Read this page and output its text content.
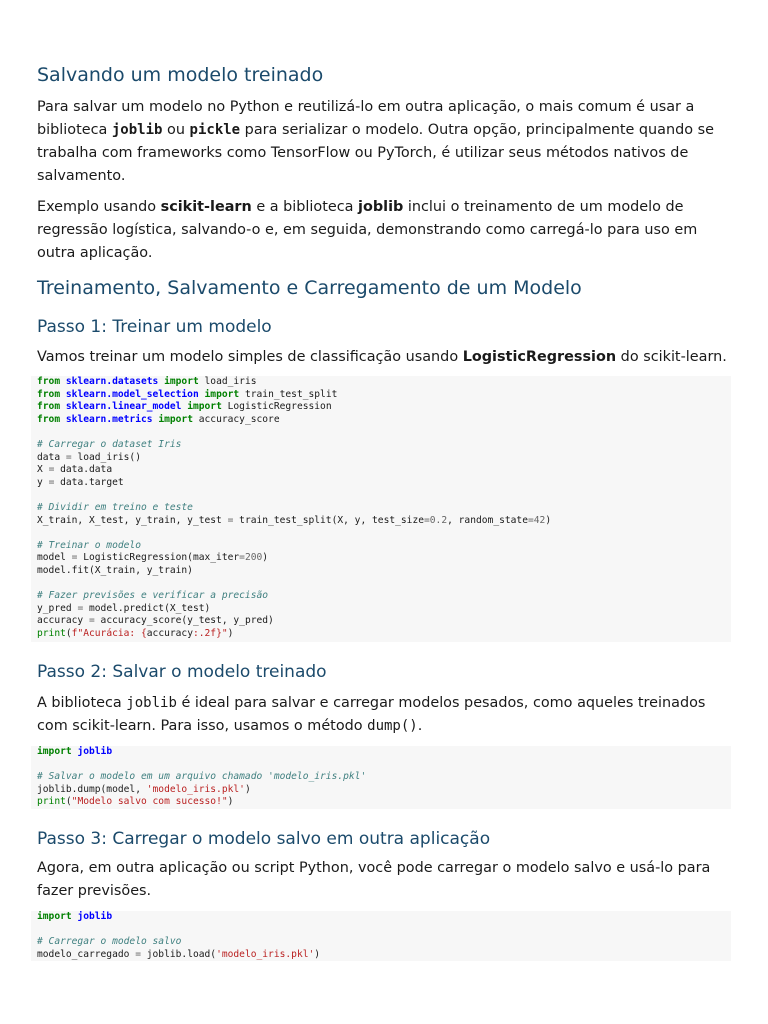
Salvando um modelo treinado

Para salvar um modelo no Python e reutilizá-lo em outra aplicação, o mais comum é usar a biblioteca joblib ou pickle para serializar o modelo. Outra opção, principalmente quando se trabalha com frameworks como TensorFlow ou PyTorch, é utilizar seus métodos nativos de salvamento.

Exemplo usando scikit-learn e a biblioteca joblib inclui o treinamento de um modelo de regressão logística, salvando-o e, em seguida, demonstrando como carregá-lo para uso em outra aplicação.

Treinamento, Salvamento e Carregamento de um Modelo
Passo 1: Treinar um modelo

Vamos treinar um modelo simples de classificação usando LogisticRegression do scikit-learn.

from sklearn.datasets import load_iris
from sklearn.model_selection import train_test_split
from sklearn.linear_model import LogisticRegression
from sklearn.metrics import accuracy_score

# Carregar o dataset Iris
data = load_iris()
X = data.data
y = data.target

# Dividir em treino e teste
X_train, X_test, y_train, y_test = train_test_split(X, y, test_size=0.2, random_state=42)

# Treinar o modelo
model = LogisticRegression(max_iter=200)
model.fit(X_train, y_train)

# Fazer previsões e verificar a precisão
y_pred = model.predict(X_test)
accuracy = accuracy_score(y_test, y_pred)
print(f"Acurácia: {accuracy:.2f}")
Passo 2: Salvar o modelo treinado

A biblioteca joblib é ideal para salvar e carregar modelos pesados, como aqueles treinados com scikit-learn. Para isso, usamos o método dump().

import joblib

# Salvar o modelo em um arquivo chamado 'modelo_iris.pkl'
joblib.dump(model, 'modelo_iris.pkl')
print("Modelo salvo com sucesso!")
Passo 3: Carregar o modelo salvo em outra aplicação

Agora, em outra aplicação ou script Python, você pode carregar o modelo salvo e usá-lo para fazer previsões.

import joblib

# Carregar o modelo salvo
modelo_carregado = joblib.load('modelo_iris.pkl')
